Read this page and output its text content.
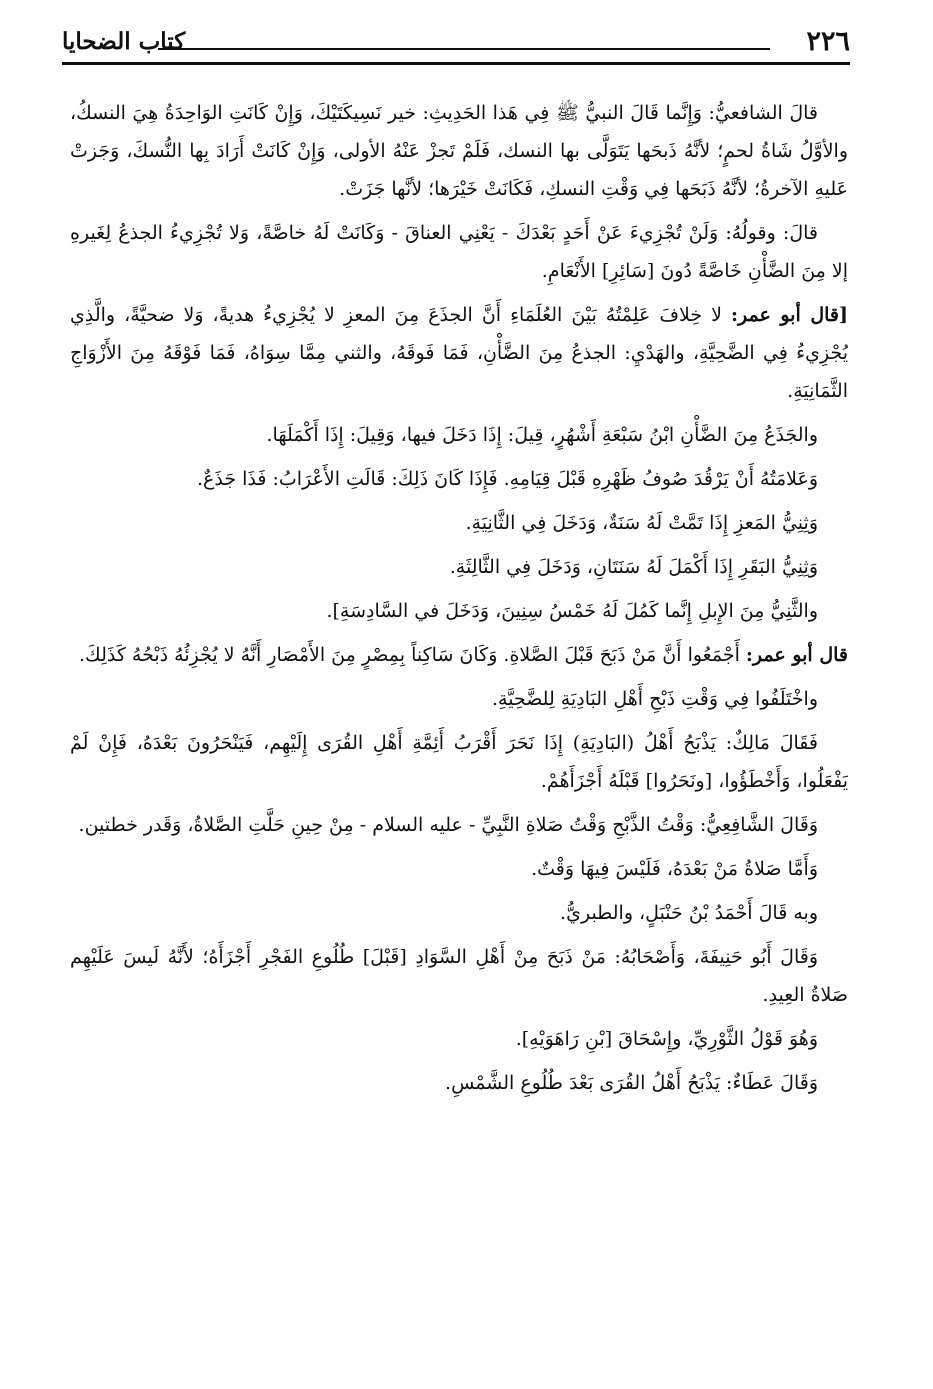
٢٢٦
كتاب الضحايا

قالَ الشافعيُّ: وَإِنَّما قَالَ النبيُّ ﷺ فِي هَذا الحَدِيثِ: خير نَسِيكَتَيْكَ، وَإِنْ كَانَتِ الوَاحِدَةُ هِيَ النسكُ، والأوَّلُ شَاةُ لحمٍ؛ لأنَّهُ ذَبحَها يَتَوَلَّى بها النسك، فَلَمْ تَجزْ عَنْهُ الأولى، وَإِنْ كَانَتْ أَرَادَ بِها النُّسكَ، وَجَزتْ عَليهِ الآخرةُ؛ لأنَّهُ ذَبَحَها فِي وَقْتِ النسكِ، فَكَانَتْ خَيْرَها؛ لأنَّها جَزَتْ.

قالَ: وقولُهُ: وَلَنْ تُجْزِيءَ عَنْ أَحَدٍ بَعْدَكَ - يَعْنِي العناقَ - وَكَانَتْ لَهُ خاصَّةً، وَلا تُجْزِيءُ الجذعُ لِغَيرهِ إلا مِنَ الضَّأْنِ خَاصَّةً دُونَ [سَائِرِ] الأَنْعَامِ.

[قال أبو عمر: لا خِلافَ عَلِمْتُهُ بَيْنَ العُلَمَاءِ أَنَّ الجذَعَ مِنَ المعزِ لا يُجْزِيءُ هديةً، وَلا ضحيَّةً، والَّذِي يُجْزِيءُ فِي الضَّحِيَّةِ، والهَدْيِ: الجذعُ مِنَ الضَّأْنِ، فَمَا فَوقَهُ، والثني مِمَّا سِوَاهُ، فَمَا فَوْقَهُ مِنَ الأَزْوَاجِ الثَّمَانِيَةِ.

والجَذَعُ مِنَ الضَّأْنِ ابْنُ سَبْعَةِ أَشْهُرٍ، قِيلَ: إِذَا دَخَلَ فيها، وَقِيلَ: إِذَا أَكْمَلَهَا.

وَعَلامَتُهُ أَنْ يَرْقُدَ صُوفُ ظَهْرِهِ قَبْلَ قِيَامِهِ. فَإِذَا كَانَ ذَلِكَ: قَالَتِ الأَعْرَابُ: فَذَا جَذَعٌ.

وَثِنِيُّ المَعزِ إِذَا تَمَّتْ لَهُ سَنَةٌ، وَدَخَلَ فِي الثَّانِيَةِ.

وَثِنِيُّ البَقَرِ إِذَا أَكْمَلَ لَهُ سَنَتَانِ، وَدَخَلَ فِي الثَّالِثَةِ.

والثَّنِيُّ مِنَ الإِبلِ إِنَّما كَمُلَ لَهُ خَمْسُ سِنِينَ، وَدَخَلَ في السَّادِسَةِ].

قال أبو عمر: أَجْمَعُوا أَنَّ مَنْ ذَبَحَ قَبْلَ الصَّلاةِ. وَكَانَ سَاكِناً بِمِصْرٍ مِنَ الأَمْصَارِ أَنَّهُ لا يُجْزِئُهُ ذَبْحُهُ كَذَلِكَ.

واخْتَلَفُوا فِي وَقْتِ ذَبْحِ أَهْلِ البَادِيَةِ لِلضَّحِيَّةِ.

فَقَالَ مَالِكٌ: يَذْبَحُ أَهْلُ (البَادِيَةِ) إِذَا نَحَرَ أَقْرَبُ أَئِمَّةِ أَهْلِ القُرَى إِلَيْهِم، فَيَنْحَرُونَ بَعْدَهُ، فَإِنْ لَمْ يَفْعَلُوا، وَأَخْطَؤُوا، [ونَحَرُوا] قَبْلَهُ أَجْزَأَهُمْ.

وَقَالَ الشَّافِعِيُّ: وَقْتُ الذَّبْحِ وَقْتُ صَلاةِ النَّبِيِّ - عليه السلام - مِنْ حِينِ حَلَّتِ الصَّلاةُ، وَقَدر خطتين.

وَأَمَّا صَلاةُ مَنْ بَعْدَهُ، فَلَيْسَ فِيهَا وَقْتٌ.

وبه قَالَ أَحْمَدُ بْنُ حَنْبَلٍ، والطبريُّ.

وَقَالَ أَبُو حَنِيفَةَ، وَأَصْحَابُهُ: مَنْ ذَبَحَ مِنْ أَهْلِ السَّوَادِ [قَبْلَ] طُلُوعِ الفَجْرِ أَجْزَأَهُ؛ لأَنَّهُ لَيسَ عَلَيْهِم صَلاةُ العِيدِ.

وَهُوَ قَوْلُ الثَّوْرِيِّ، وإِسْحَاقَ [بْنِ رَاهَوَيْهِ].

وَقَالَ عَطَاءٌ: يَذْبَحُ أَهْلُ القُرَى بَعْدَ طُلُوعِ الشَّمْسِ.
